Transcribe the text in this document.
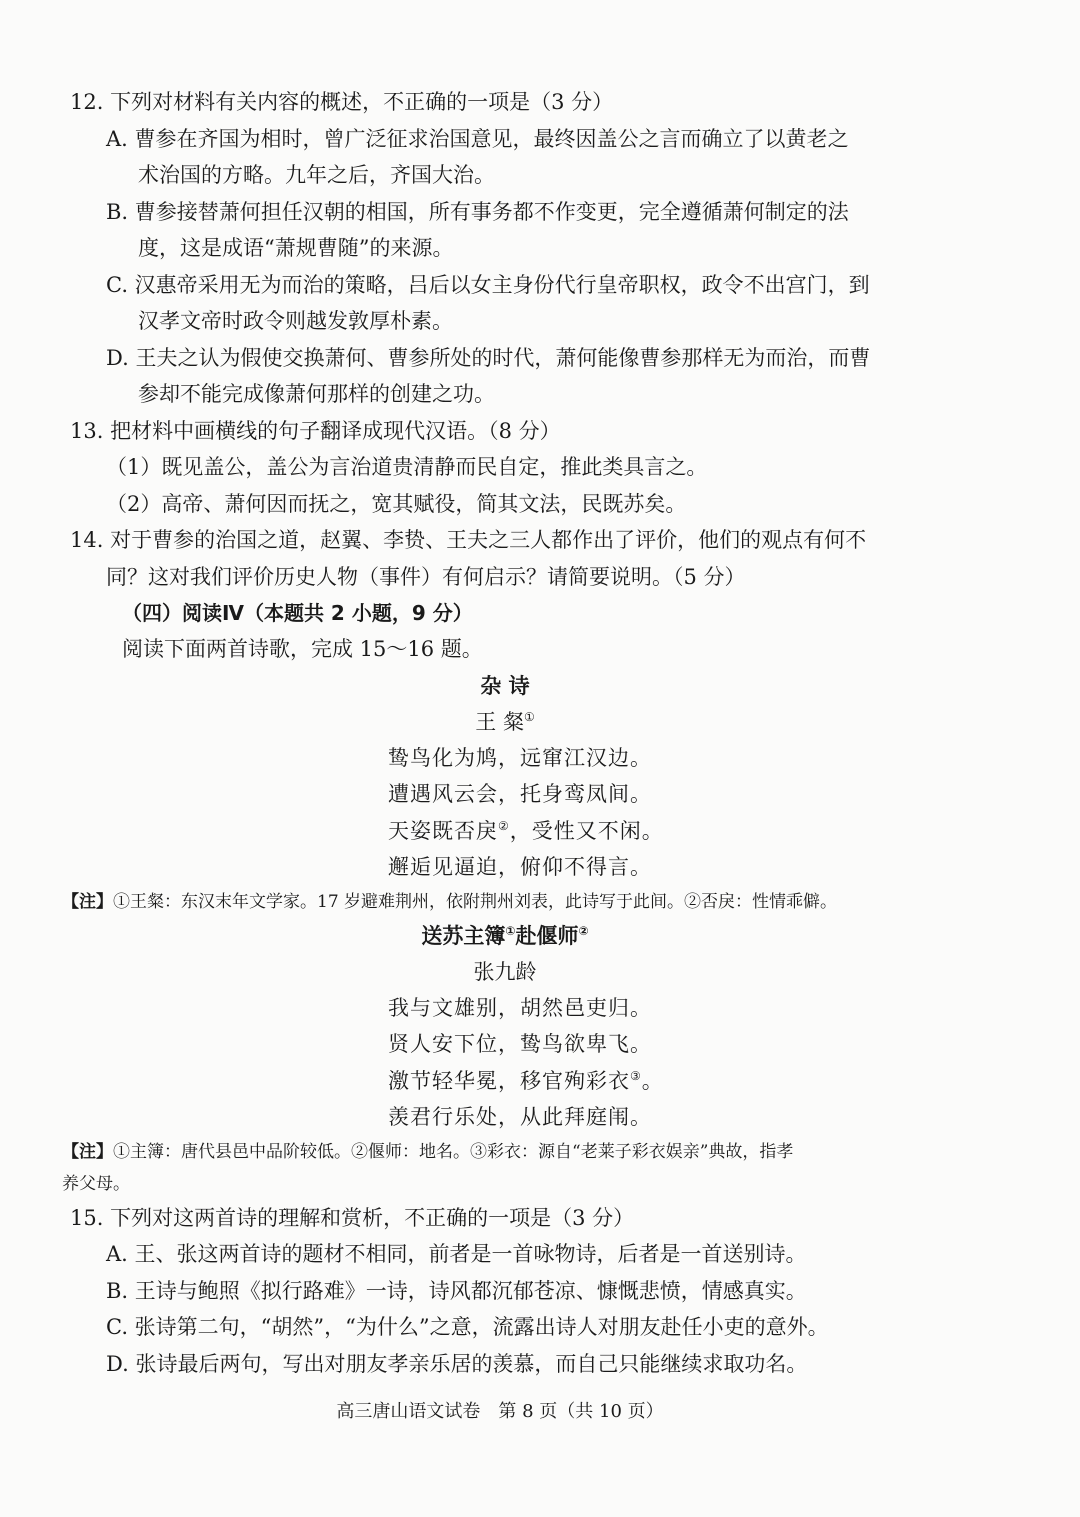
12. 下列对材料有关内容的概述，不正确的一项是（3 分）
A. 曹参在齐国为相时，曾广泛征求治国意见，最终因盖公之言而确立了以黄老之
术治国的方略。九年之后，齐国大治。
B. 曹参接替萧何担任汉朝的相国，所有事务都不作变更，完全遵循萧何制定的法
度，这是成语“萧规曹随”的来源。
C. 汉惠帝采用无为而治的策略，吕后以女主身份代行皇帝职权，政令不出宫门，到
汉孝文帝时政令则越发敦厚朴素。
D. 王夫之认为假使交换萧何、曹参所处的时代，萧何能像曹参那样无为而治，而曹
参却不能完成像萧何那样的创建之功。
13. 把材料中画横线的句子翻译成现代汉语。（8 分）
（1）既见盖公，盖公为言治道贵清静而民自定，推此类具言之。
（2）高帝、萧何因而抚之，宽其赋役，简其文法，民既苏矣。
14. 对于曹参的治国之道，赵翼、李贽、王夫之三人都作出了评价，他们的观点有何不
同？这对我们评价历史人物（事件）有何启示？请简要说明。（5 分）
（四）阅读Ⅳ（本题共 2 小题，9 分）
阅读下面两首诗歌，完成 15～16 题。
杂 诗
王 粲①
鸷鸟化为鸠，远窜江汉边。
遭遇风云会，托身鸾凤间。
天姿既否戾②，受性又不闲。
邂逅见逼迫，俯仰不得言。
【注】①王粲：东汉末年文学家。17 岁避难荆州，依附荆州刘表，此诗写于此间。②否戾：性情乖僻。
送苏主簿①赴偃师②
张九龄
我与文雄别，胡然邑吏归。
贤人安下位，鸷鸟欲卑飞。
激节轻华冕，移官殉彩衣③。
羡君行乐处，从此拜庭闱。
【注】①主簿：唐代县邑中品阶较低。②偃师：地名。③彩衣：源自“老莱子彩衣娱亲”典故，指孝
养父母。
15. 下列对这两首诗的理解和赏析，不正确的一项是（3 分）
A. 王、张这两首诗的题材不相同，前者是一首咏物诗，后者是一首送别诗。
B. 王诗与鲍照《拟行路难》一诗，诗风都沉郁苍凉、慷慨悲愤，情感真实。
C. 张诗第二句，“胡然”，“为什么”之意，流露出诗人对朋友赴任小吏的意外。
D. 张诗最后两句，写出对朋友孝亲乐居的羡慕，而自己只能继续求取功名。
高三唐山语文试卷　第 8 页（共 10 页）
